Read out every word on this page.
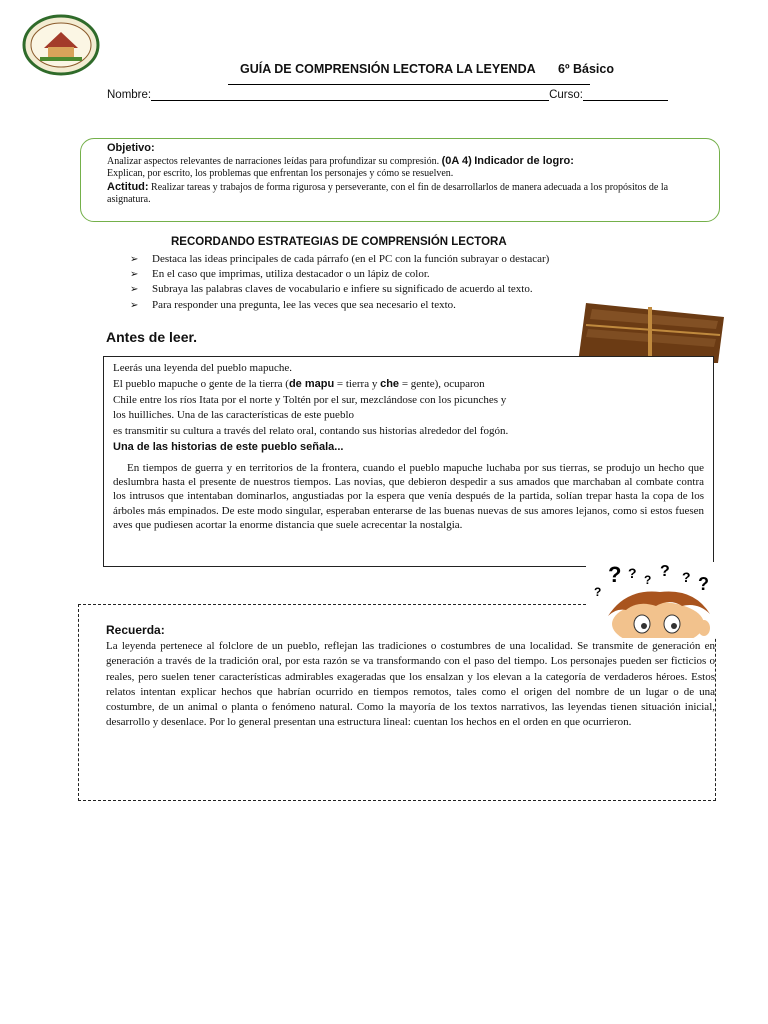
GUÍA DE COMPRENSIÓN LECTORA LA LEYENDA 6º Básico
Nombre:	Curso:
Objetivo:
Analizar aspectos relevantes de narraciones leídas para profundizar su compresión. (0A 4) Indicador de logro:
Explican, por escrito, los problemas que enfrentan los personajes y cómo se resuelven.
Actitud: Realizar tareas y trabajos de forma rigurosa y perseverante, con el fin de desarrollarlos de manera adecuada a los propósitos de la asignatura.
RECORDANDO ESTRATEGIAS DE COMPRENSIÓN LECTORA
➢	Destaca las ideas principales de cada párrafo (en el PC con la función subrayar o destacar)
➢	En el caso que imprimas, utiliza destacador o un lápiz de color.
➢	Subraya las palabras claves de vocabulario e infiere su significado de acuerdo al texto.
➢	Para responder una pregunta, lee las veces que sea necesario el texto.
Antes de leer.
Leerás una leyenda del pueblo mapuche.
El pueblo mapuche o gente de la tierra (de mapu = tierra y che = gente), ocuparon
Chile entre los ríos Itata por el norte y Toltén por el sur, mezclándose con los picunches y
los huilliches. Una de las características de este pueblo
es transmitir su cultura a través del relato oral, contando sus historias alrededor del fogón.
Una de las historias de este pueblo señala...
En tiempos de guerra y en territorios de la frontera, cuando el pueblo mapuche luchaba por sus tierras, se produjo un hecho que deslumbra hasta el presente de nuestros tiempos. Las novias, que debieron despedir a sus amados que marchaban al combate contra los intrusos que intentaban dominarlos, angustiadas por la espera que venía después de la partida, solían trepar hasta la copa de los árboles más empinados. De este modo singular, esperaban enterarse de las buenas nuevas de sus amores lejanos, como si estos fuesen aves que pudiesen acortar la enorme distancia que suele acrecentar la nostalgia.
Recuerda:
La leyenda pertenece al folclore de un pueblo, reflejan las tradiciones o costumbres de una localidad. Se transmite de generación en generación a través de la tradición oral, por esta razón se va transformando con el paso del tiempo. Los personajes pueden ser ficticios o reales, pero suelen tener características admirables exageradas que los ensalzan y los elevan a la categoría de verdaderos héroes. Estos relatos intentan explicar hechos que habrían ocurrido en tiempos remotos, tales como el origen del nombre de un lugar o de una costumbre, de un animal o planta o fenómeno natural. Como la mayoría de los textos narrativos, las leyendas tienen situación inicial, desarrollo y desenlace. Por lo general presentan una estructura lineal: cuentan los hechos en el orden en que ocurrieron.
? ? ? ? ? ?
?
